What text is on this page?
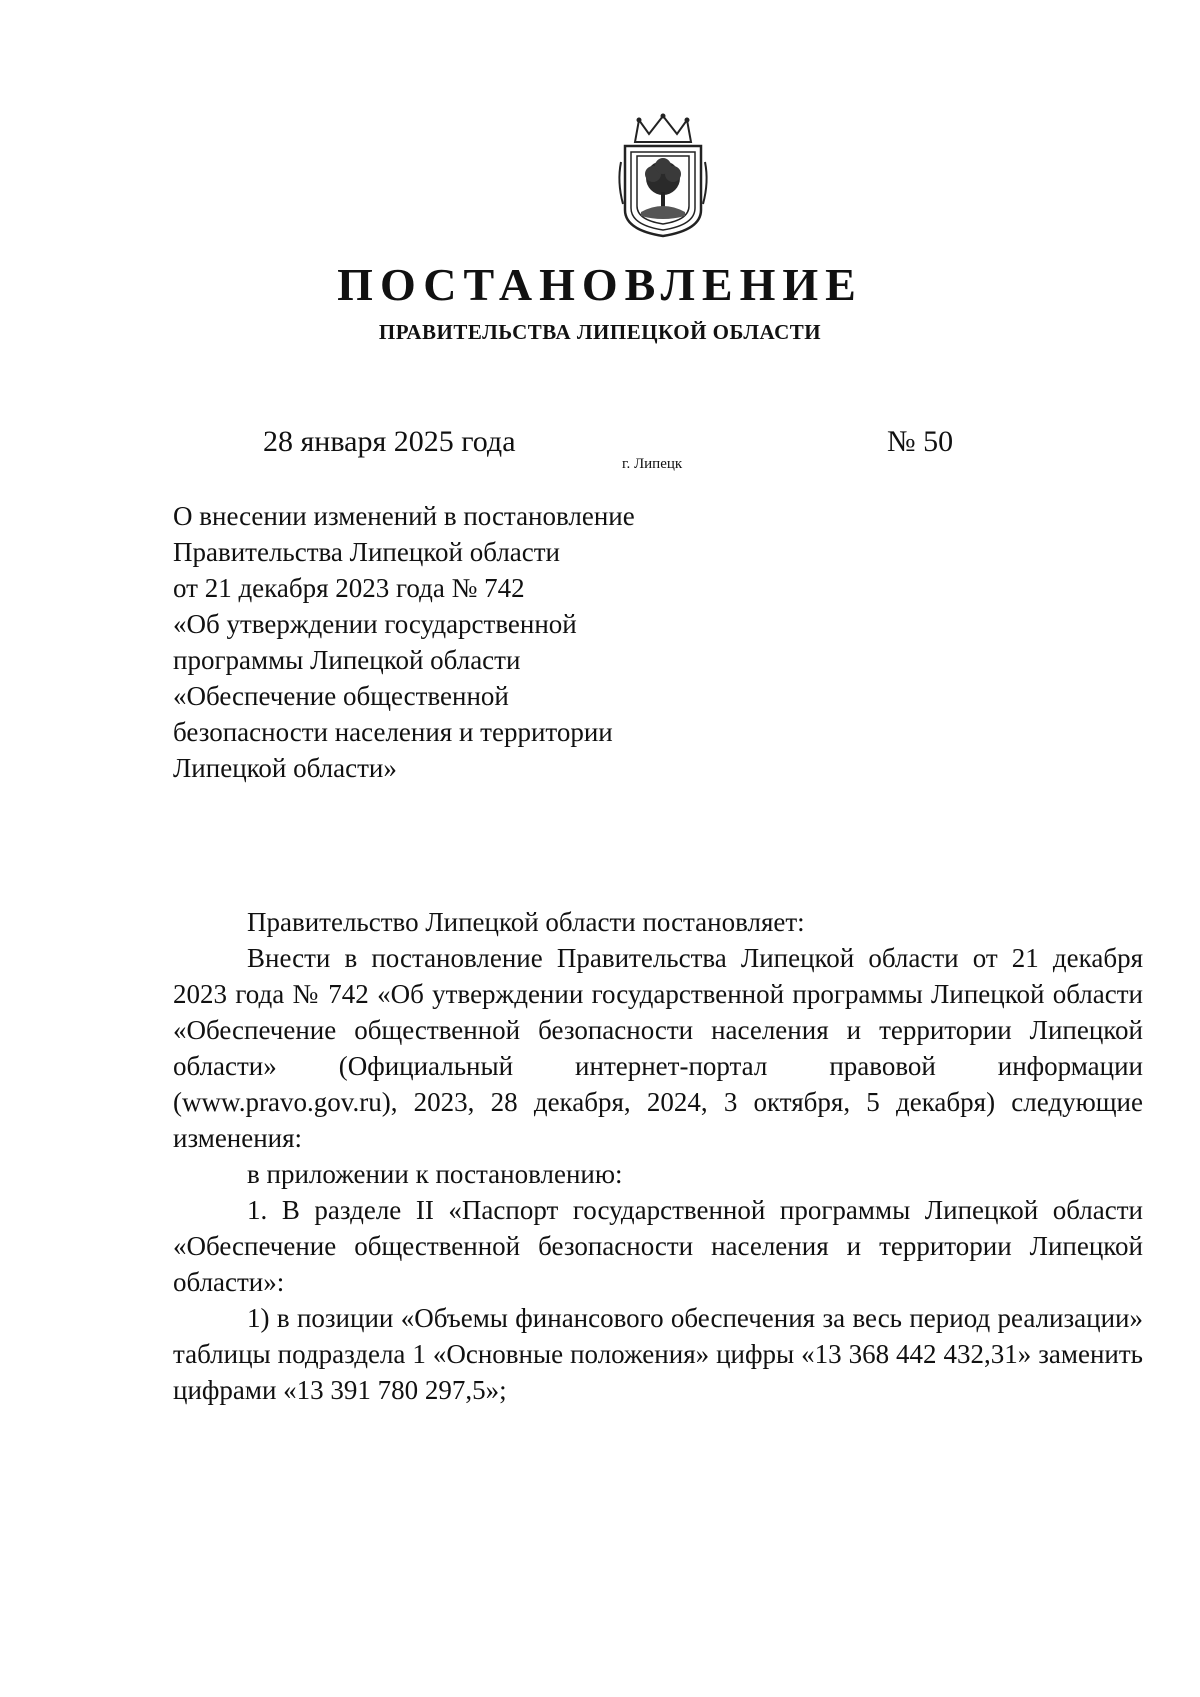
ПОСТАНОВЛЕНИЕ
ПРАВИТЕЛЬСТВА ЛИПЕЦКОЙ ОБЛАСТИ
28 января 2025 года
г. Липецк
№ 50
О внесении изменений в постановление
Правительства Липецкой области
от 21 декабря 2023 года № 742
«Об утверждении государственной
программы Липецкой области
«Обеспечение общественной
безопасности населения и территории
Липецкой области»

Правительство Липецкой области постановляет:

Внести в постановление Правительства Липецкой области от 21 декабря 2023 года № 742 «Об утверждении государственной программы Липецкой области «Обеспечение общественной безопасности населения и территории Липецкой области» (Официальный интернет-портал правовой информации (www.pravo.gov.ru), 2023, 28 декабря, 2024, 3 октября, 5 декабря) следующие изменения:

в приложении к постановлению:

1. В разделе II «Паспорт государственной программы Липецкой области «Обеспечение общественной безопасности населения и территории Липецкой области»:

1) в позиции «Объемы финансового обеспечения за весь период реализации» таблицы подраздела 1 «Основные положения» цифры «13 368 442 432,31» заменить цифрами «13 391 780 297,5»;
